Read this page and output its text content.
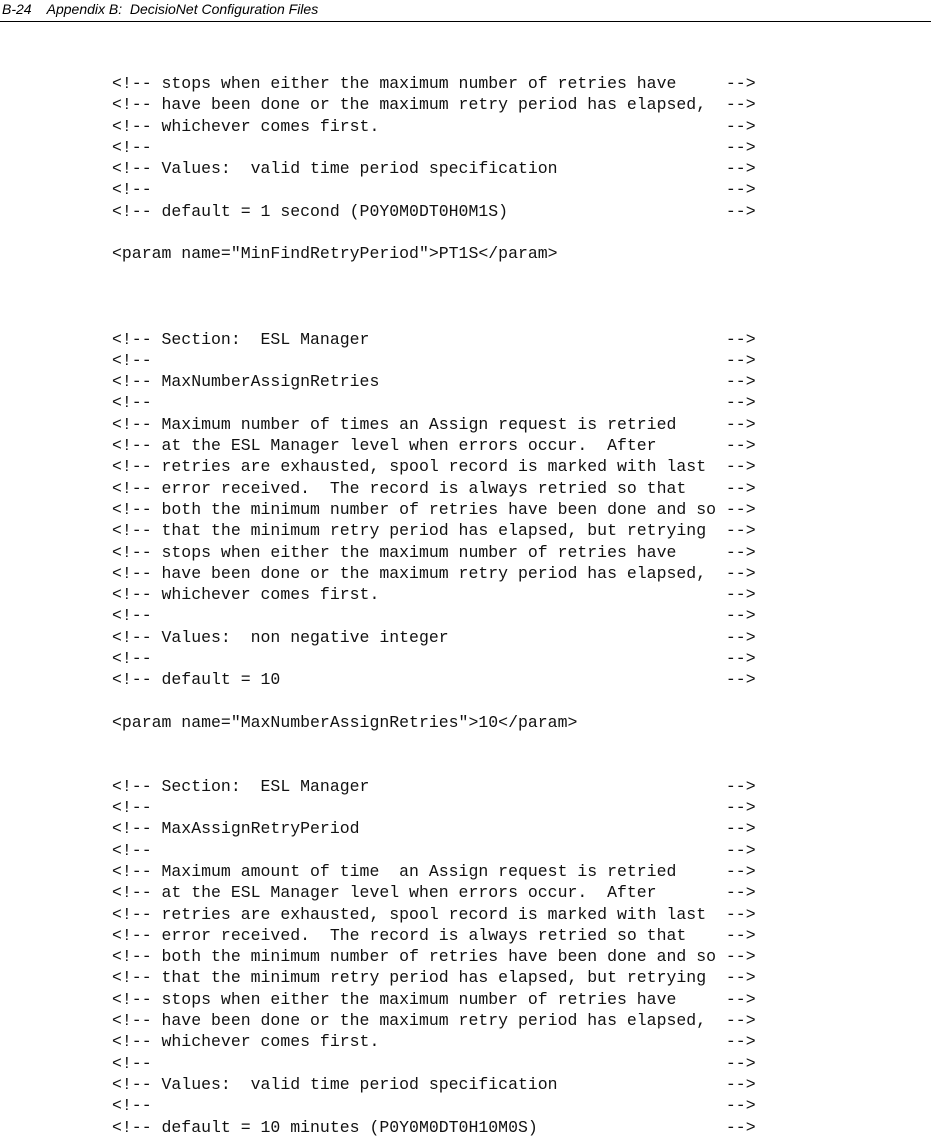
B-24 Appendix B:  DecisioNet Configuration Files
<!-- stops when either the maximum number of retries have     -->
<!-- have been done or the maximum retry period has elapsed,  -->
<!-- whichever comes first.                                   -->
<!--                                                          -->
<!-- Values:  valid time period specification                 -->
<!--                                                          -->
<!-- default = 1 second (P0Y0M0DT0H0M1S)                      -->
<param name="MinFindRetryPeriod">PT1S</param>
<!-- Section:  ESL Manager                                    -->
<!--                                                          -->
<!-- MaxNumberAssignRetries                                   -->
<!--                                                          -->
<!-- Maximum number of times an Assign request is retried     -->
<!-- at the ESL Manager level when errors occur.  After       -->
<!-- retries are exhausted, spool record is marked with last  -->
<!-- error received.  The record is always retried so that    -->
<!-- both the minimum number of retries have been done and so -->
<!-- that the minimum retry period has elapsed, but retrying  -->
<!-- stops when either the maximum number of retries have     -->
<!-- have been done or the maximum retry period has elapsed,  -->
<!-- whichever comes first.                                   -->
<!--                                                          -->
<!-- Values:  non negative integer                            -->
<!--                                                          -->
<!-- default = 10                                             -->
<param name="MaxNumberAssignRetries">10</param>
<!-- Section:  ESL Manager                                    -->
<!--                                                          -->
<!-- MaxAssignRetryPeriod                                     -->
<!--                                                          -->
<!-- Maximum amount of time  an Assign request is retried     -->
<!-- at the ESL Manager level when errors occur.  After       -->
<!-- retries are exhausted, spool record is marked with last  -->
<!-- error received.  The record is always retried so that    -->
<!-- both the minimum number of retries have been done and so -->
<!-- that the minimum retry period has elapsed, but retrying  -->
<!-- stops when either the maximum number of retries have     -->
<!-- have been done or the maximum retry period has elapsed,  -->
<!-- whichever comes first.                                   -->
<!--                                                          -->
<!-- Values:  valid time period specification                 -->
<!--                                                          -->
<!-- default = 10 minutes (P0Y0M0DT0H10M0S)                   -->
